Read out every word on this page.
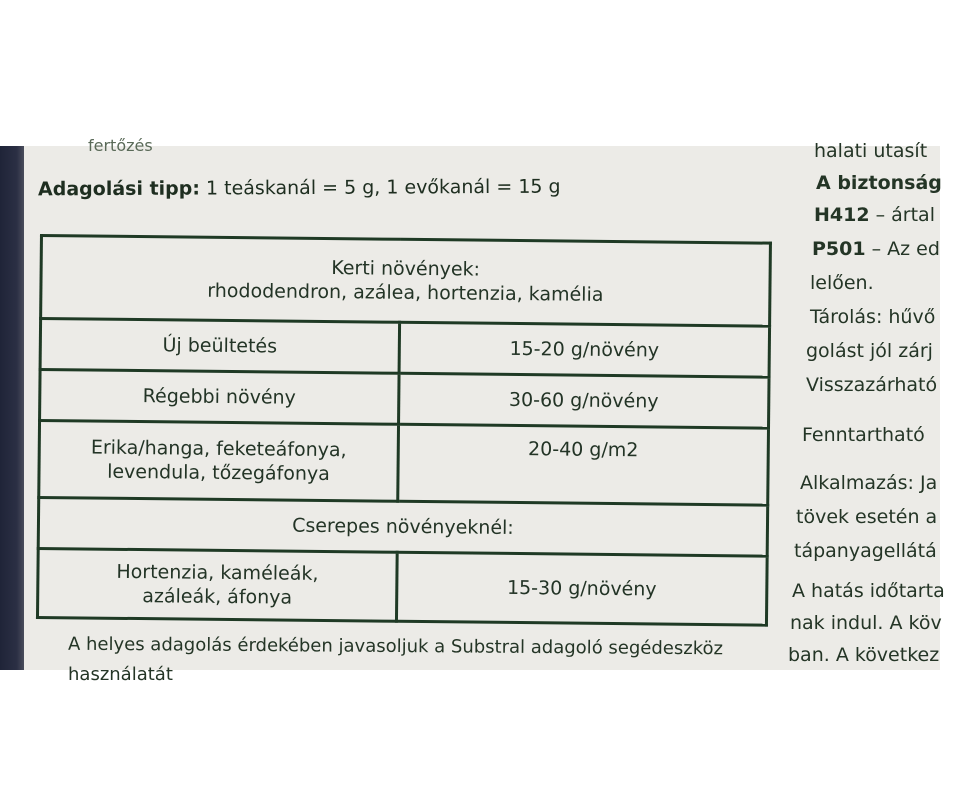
fertőzés
Adagolási tipp: 1 teáskanál = 5 g, 1 evőkanál = 15 g
Kerti növények:
rhododendron, azálea, hortenzia, kamélia	

Új beültetés	15-20 g/növény
Régebbi növény	30-60 g/növény

Erika/hanga, feketeáfonya,
levendula, tőzegáfonya	20-40 g/m2
Cserepes növényeknél:	

Hortenzia, kaméleák,
azáleák, áfonya	15-30 g/növény
halati utasít
A biztonság
H412 – ártal
P501 – Az ed
lelően.
Tárolás: hűvő
golást jól zárj
Visszazárható
Fenntartható
Alkalmazás: Ja
tövek esetén a
tápanyagellátá
A hatás időtarta
nak indul. A köv
ban. A következ
A helyes adagolás érdekében javasoljuk a Substral adagoló segédeszköz
használatát
